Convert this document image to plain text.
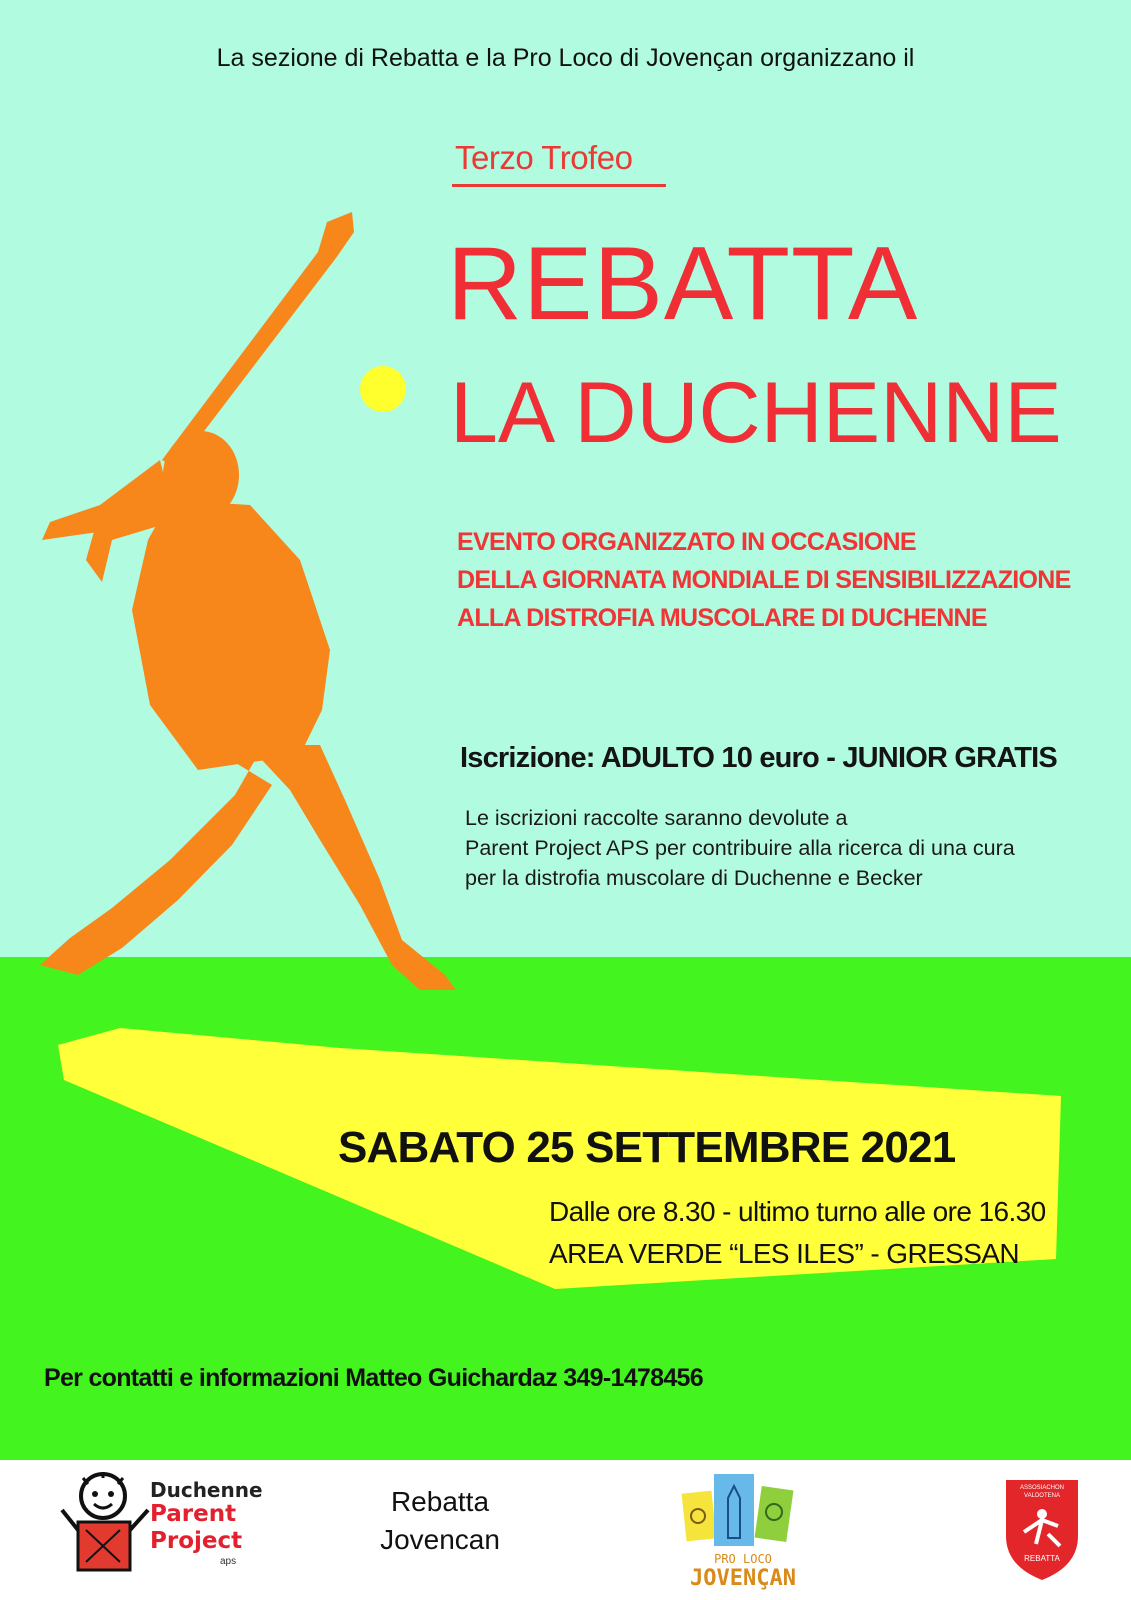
La sezione di Rebatta e la Pro Loco di Jovençan organizzano il

Terzo Trofeo

REBATTA

LA DUCHENNE

EVENTO ORGANIZZATO IN OCCASIONE

DELLA GIORNATA MONDIALE DI SENSIBILIZZAZIONE

ALLA DISTROFIA MUSCOLARE DI DUCHENNE

Iscrizione: ADULTO 10 euro - JUNIOR GRATIS

Le iscrizioni raccolte saranno devolute a

Parent Project APS per contribuire alla ricerca di una cura

per la distrofia muscolare di Duchenne e Becker

SABATO 25 SETTEMBRE 2021

Dalle ore 8.30 - ultimo turno alle ore 16.30

AREA VERDE “LES ILES” - GRESSAN

Per contatti e informazioni Matteo Guichardaz 349-1478456

Duchenne
Parent
Project
aps

Rebatta

Jovencan

PRO LOCO
JOVENÇAN
ASSOSIACHON VALDOTENA
REBATTA
